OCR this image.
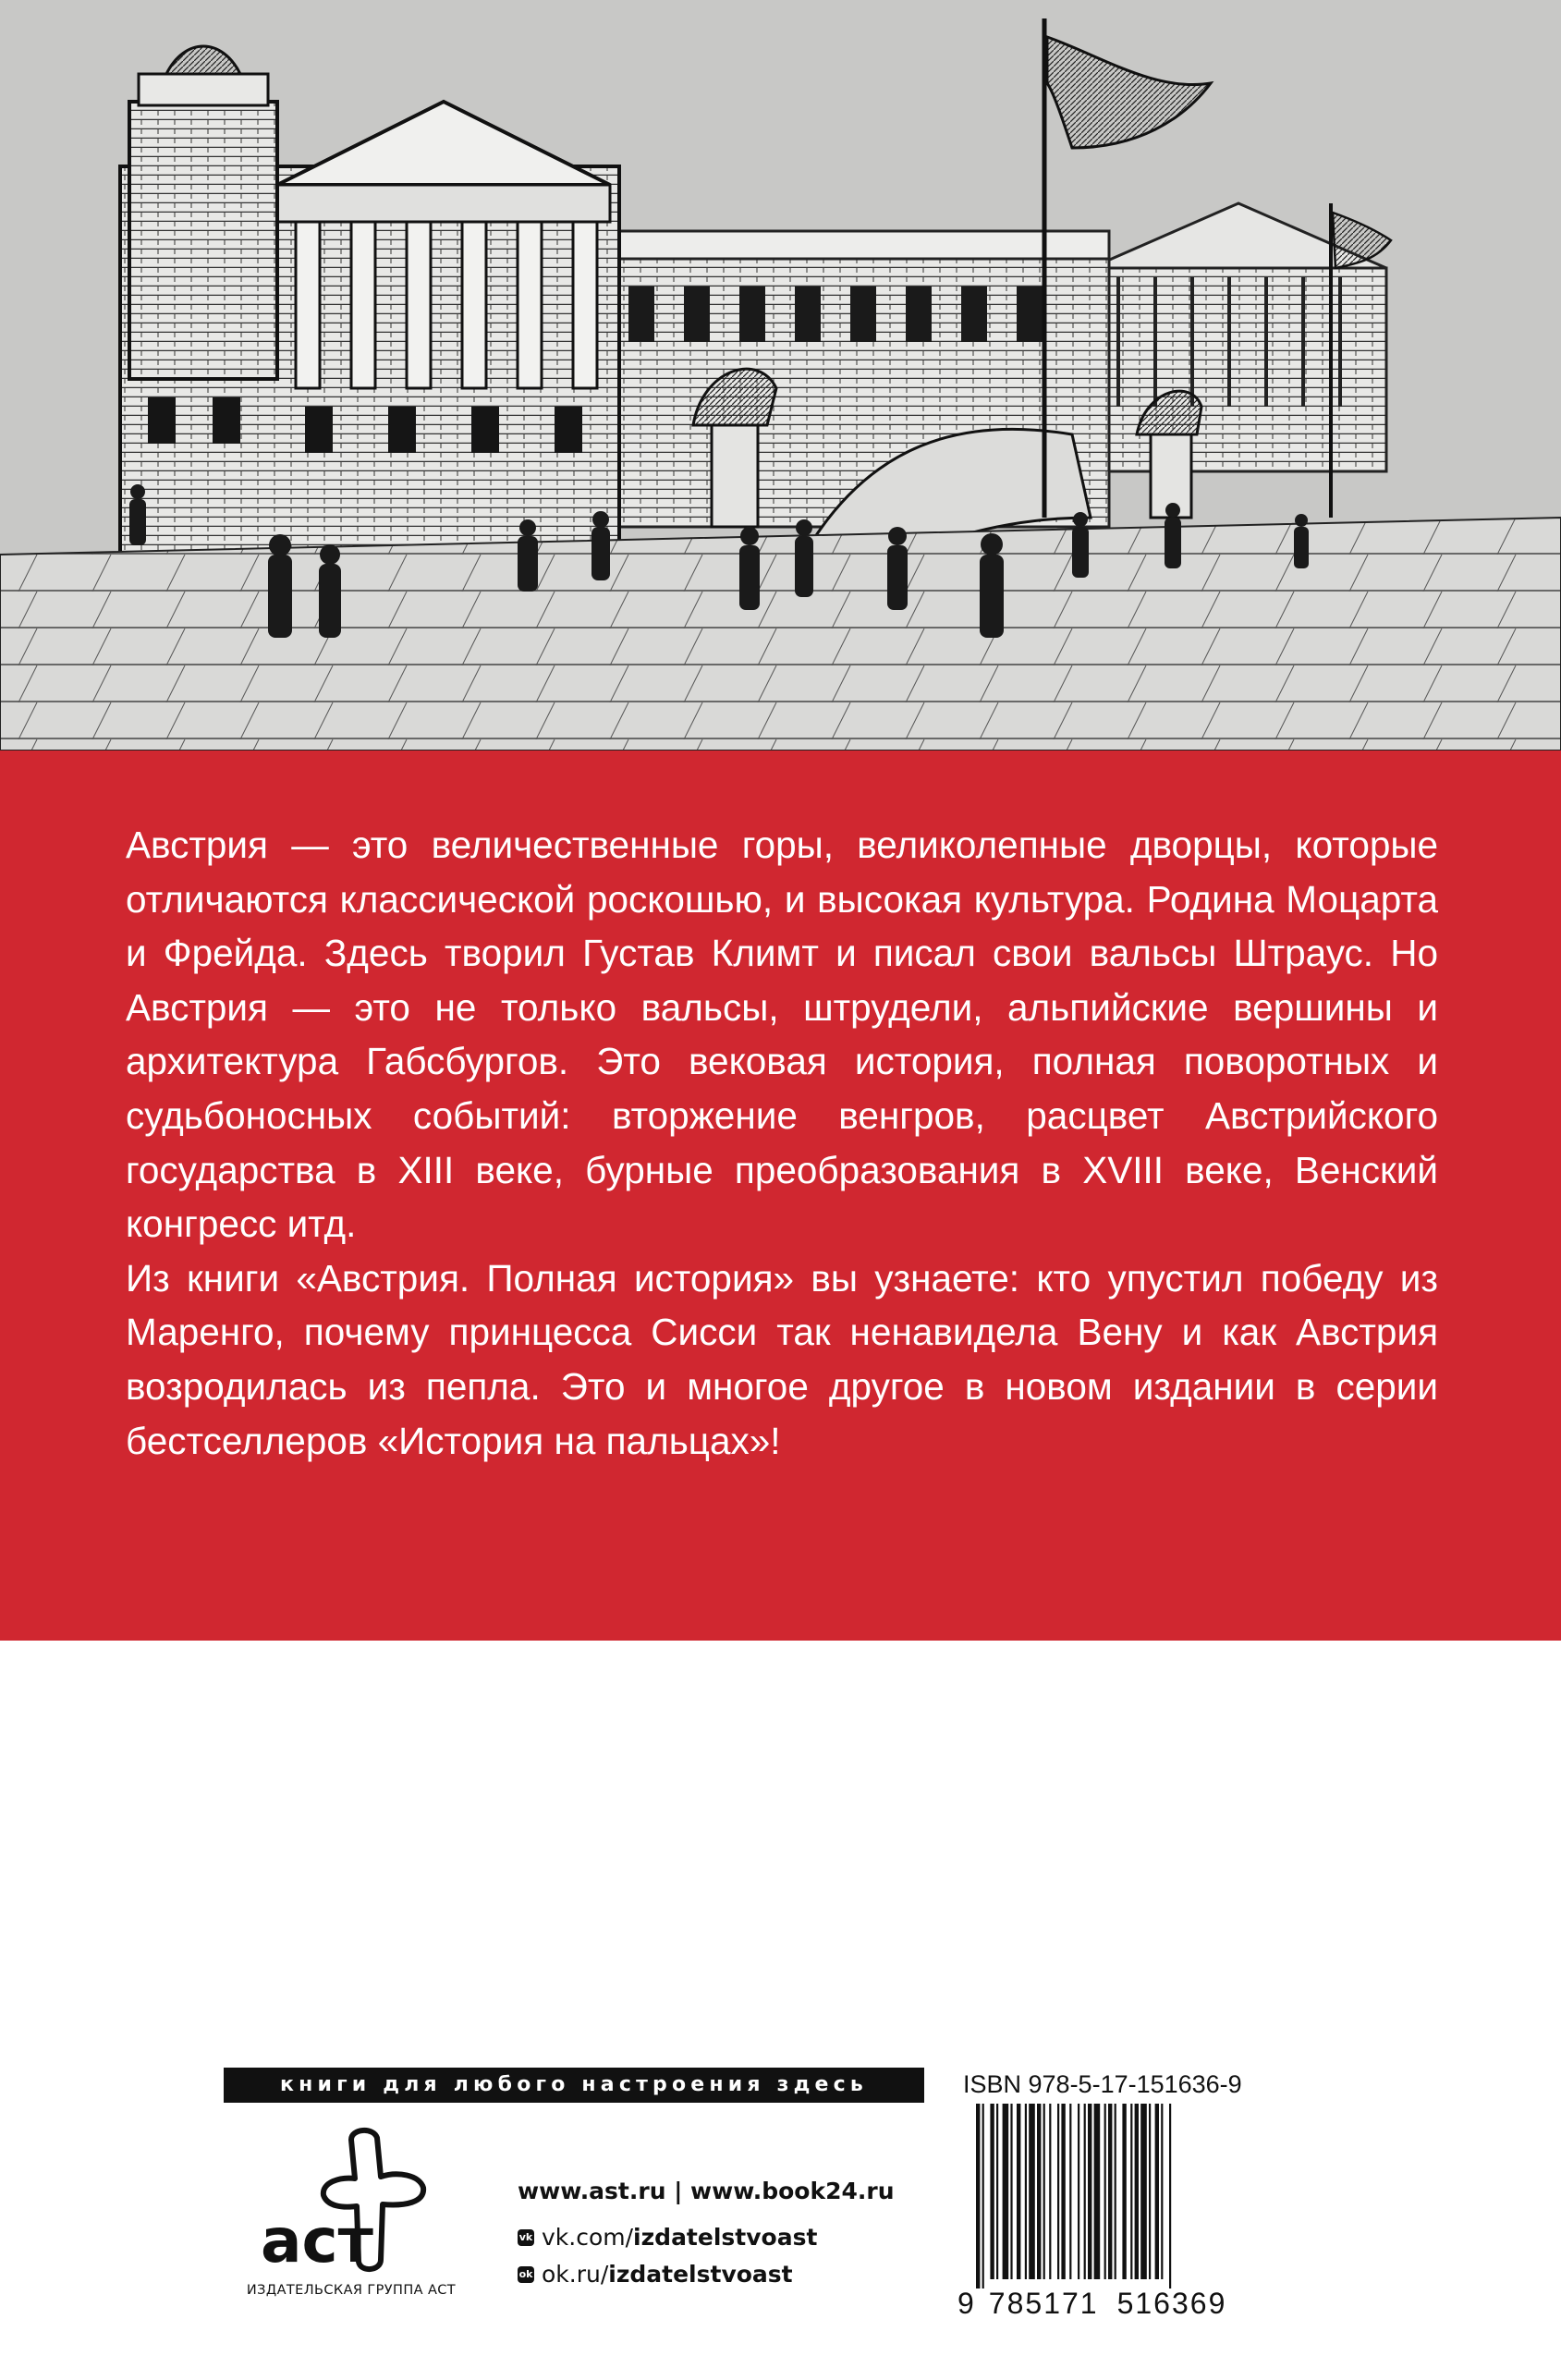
Австрия — это величественные горы, великолепные дворцы, которые отличаются классической роскошью, и высокая культура. Родина Моцарта и Фрейда. Здесь творил Густав Климт и писал свои вальсы Штраус. Но Австрия — это не только вальсы, штрудели, альпийские вершины и архитектура Габсбургов. Это вековая история, полная поворотных и судьбоносных событий: вторжение венгров, расцвет Австрийского государства в XIII веке, бурные преобразования в XVIII веке, Венский конгресс итд.

Из книги «Австрия. Полная история» вы узнаете: кто упустил победу из Маренго, почему принцесса Сисси так ненавидела Вену и как Австрия возродилась из пепла. Это и многое другое в новом издании в серии бестселлеров «История на пальцах»!

книги для любого настроения здесь
аст
ИЗДАТЕЛЬСКАЯ ГРУППА АСТ
www.ast.ru | www.book24.ru
vk vk.com/izdatelstvoast
ok ok.ru/izdatelstvoast
ISBN 978-5-17-151636-9
9 785171 516369
